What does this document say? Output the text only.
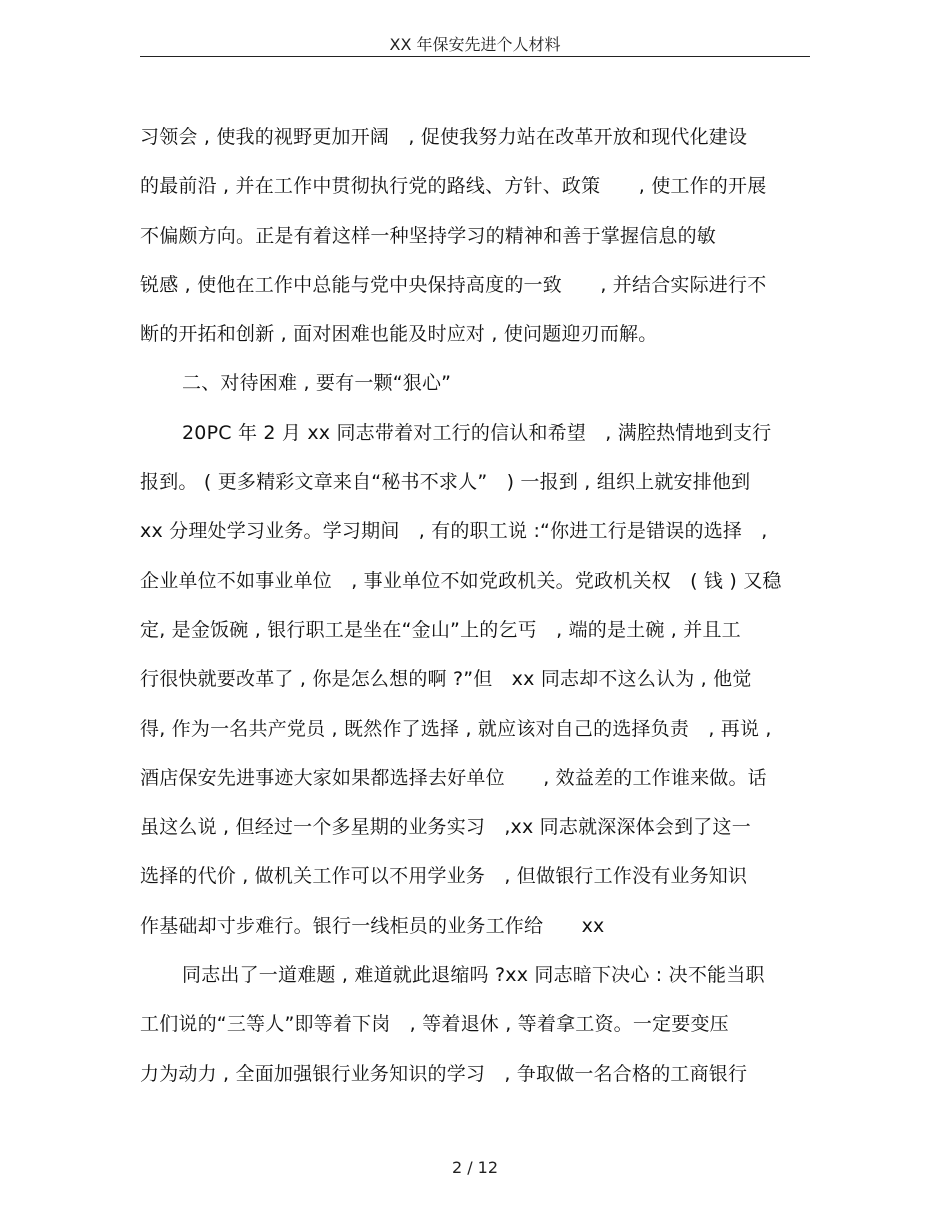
XX 年保安先进个人材料
习领会 , 使我的视野更加开阔　, 促使我努力站在改革开放和现代化建设
的最前沿 , 并在工作中贯彻执行党的路线、方针、政策　　, 使工作的开展
不偏颇方向。正是有着这样一种坚持学习的精神和善于掌握信息的敏
锐感 , 使他在工作中总能与党中央保持高度的一致　　, 并结合实际进行不
断的开拓和创新 , 面对困难也能及时应对 , 使问题迎刃而解。
二、对待困难 , 要有一颗“狠心”
20PC 年 2 月 xx 同志带着对工行的信认和希望　, 满腔热情地到支行
报到。 ( 更多精彩文章来自“秘书不求人”　) 一报到 , 组织上就安排他到
xx 分理处学习业务。学习期间　, 有的职工说 :“你进工行是错误的选择　,
企业单位不如事业单位　, 事业单位不如党政机关。党政机关权　( 钱 ) 又稳
定, 是金饭碗 , 银行职工是坐在“金山”上的乞丐　, 端的是土碗 , 并且工
行很快就要改革了 , 你是怎么想的啊 ?”但　xx 同志却不这么认为 , 他觉
得, 作为一名共产党员 , 既然作了选择 , 就应该对自己的选择负责　, 再说 ,
酒店保安先进事迹大家如果都选择去好单位　　, 效益差的工作谁来做。话
虽这么说 , 但经过一个多星期的业务实习　,xx 同志就深深体会到了这一
选择的代价 , 做机关工作可以不用学业务　, 但做银行工作没有业务知识
作基础却寸步难行。银行一线柜员的业务工作给　　xx
同志出了一道难题 , 难道就此退缩吗 ?xx 同志暗下决心 : 决不能当职
工们说的“三等人”即等着下岗　, 等着退休 , 等着拿工资。一定要变压
力为动力 , 全面加强银行业务知识的学习　, 争取做一名合格的工商银行
2 / 12
